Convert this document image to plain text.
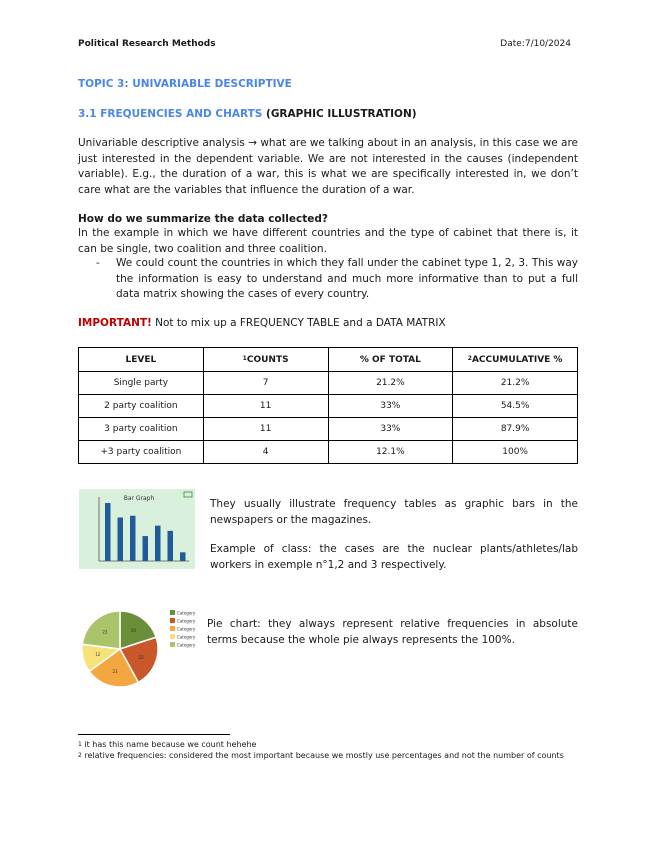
Political Research Methods	Date:7/10/2024
TOPIC 3: UNIVARIABLE DESCRIPTIVE
3.1 FREQUENCIES AND CHARTS (GRAPHIC ILLUSTRATION)

Univariable descriptive analysis → what are we talking about in an analysis, in this case we are just interested in the dependent variable. We are not interested in the causes (independent variable). E.g., the duration of a war, this is what we are specifically interested in, we don’t care what are the variables that influence the duration of a war.

How do we summarize the data collected?

In the example in which we have different countries and the type of cabinet that there is, it can be single, two coalition and three coalition.

- We could count the countries in which they fall under the cabinet type 1, 2, 3. This way the information is easy to understand and much more informative than to put a full data matrix showing the cases of every country.

IMPORTANT! Not to mix up a FREQUENCY TABLE and a DATA MATRIX
LEVEL	$^1$COUNTS	% OF TOTAL	$^2$ACCUMULATIVE %
Single party	7	21.2%	21.2%
2 party coalition	11	33%	54.5%
3 party coalition	11	33%	87.9%
+3 party coalition	4	12.1%	100%
Bar Graph	They usually illustrate frequency tables as graphic bars in the newspapers or the magazines.

Example of class: the cases are the nuclear plants/athletes/lab workers in exemple n°1,2 and 3 respectively.

20
22
23
12
23
Category
Category
Category
Category
Category

Pie chart: they always represent relative frequencies in absolute terms because the whole pie always represents the 100%.

$^1$ it has this name because we count hehehe

$^2$ relative frequencies: considered the most important because we mostly use percentages and not the number of counts
